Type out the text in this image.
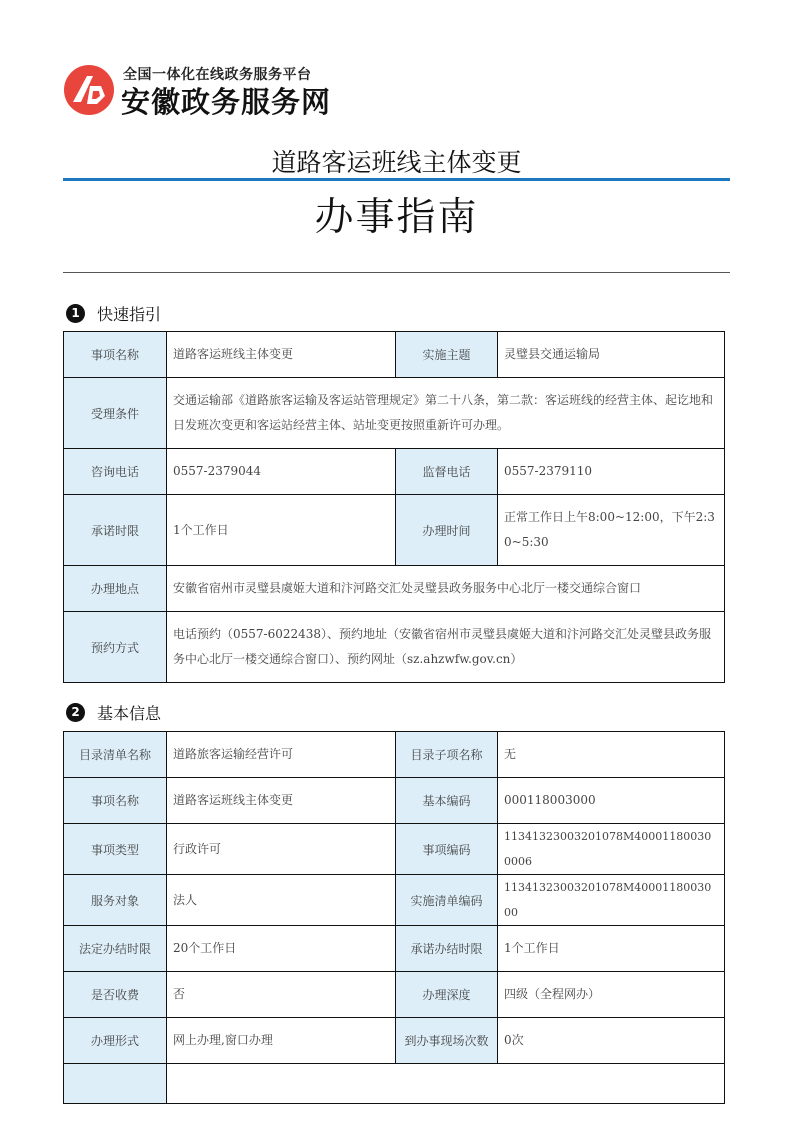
全国一体化在线政务服务平台
安徽政务服务网
道路客运班线主体变更
办事指南
1	快速指引
事项名称	道路客运班线主体变更	实施主题	灵璧县交通运输局
受理条件	交通运输部《道路旅客运输及客运站管理规定》第二十八条，第二款：客运班线的经营主体、起讫地和日发班次变更和客运站经营主体、站址变更按照重新许可办理。		
咨询电话	0557-2379044	监督电话	0557-2379110
承诺时限	1个工作日	办理时间	正常工作日上午8:00~12:00，下午2:30~5:30
办理地点	安徽省宿州市灵璧县虞姬大道和汴河路交汇处灵璧县政务服务中心北厅一楼交通综合窗口		
预约方式	电话预约（0557-6022438）、预约地址（安徽省宿州市灵璧县虞姬大道和汴河路交汇处灵璧县政务服务中心北厅一楼交通综合窗口）、预约网址（sz.ahzwfw.gov.cn）		
2	基本信息
目录清单名称	道路旅客运输经营许可	目录子项名称	无
事项名称	道路客运班线主体变更	基本编码	000118003000
事项类型	行政许可	事项编码	11341323003201078M400011800300006
服务对象	法人	实施清单编码	11341323003201078M4000118003000
法定办结时限	20个工作日	承诺办结时限	1个工作日
是否收费	否	办理深度	四级（全程网办）
办理形式	网上办理,窗口办理	到办事现场次数	0次
